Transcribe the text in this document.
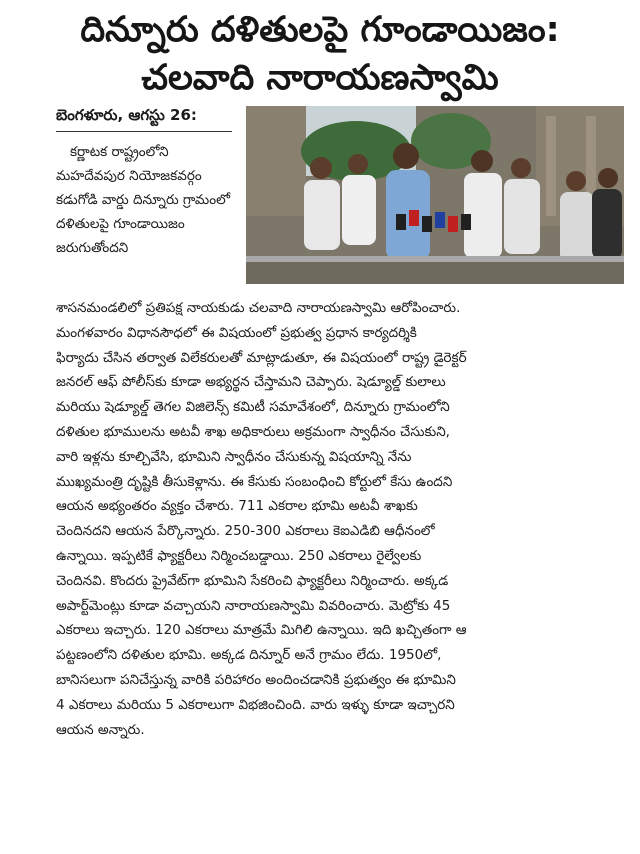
దిన్నూరు దళితులపై గూండాయిజం:
చలవాది నారాయణస్వామి

బెంగళూరు, ఆగస్టు 26:

కర్ణాటక రాష్ట్రంలోని మహదేవపుర నియోజకవర్గం కడుగోడి వార్డు దిన్నూరు గ్రామంలో దళితులపై గూండాయిజం జరుగుతోందని

శాసనమండలిలో ప్రతిపక్ష నాయకుడు చలవాది నారాయణస్వామి ఆరోపించారు.
మంగళవారం విధానసౌధలో ఈ విషయంలో ప్రభుత్వ ప్రధాన కార్యదర్శికి
ఫిర్యాదు చేసిన తర్వాత విలేకరులతో మాట్లాడుతూ, ఈ విషయంలో రాష్ట్ర డైరెక్టర్
జనరల్ ఆఫ్ పోలీస్‌కు కూడా అభ్యర్థన చేస్తామని చెప్పారు. షెడ్యూల్డ్ కులాలు
మరియు షెడ్యూల్డ్ తెగల విజిలెన్స్ కమిటీ సమావేశంలో, దిన్నూరు గ్రామంలోని
దళితుల భూములను అటవీ శాఖ అధికారులు అక్రమంగా స్వాధీనం చేసుకుని,
వారి ఇళ్లను కూల్చివేసి, భూమిని స్వాధీనం చేసుకున్న విషయాన్ని నేను
ముఖ్యమంత్రి దృష్టికి తీసుకెళ్లాను. ఈ కేసుకు సంబంధించి కోర్టులో కేసు ఉందని
ఆయన అభ్యంతరం వ్యక్తం చేశారు. 711 ఎకరాల భూమి అటవీ శాఖకు
చెందినదని ఆయన పేర్కొన్నారు. 250-300 ఎకరాలు కెఐఎడిబి ఆధీనంలో
ఉన్నాయి. ఇప్పటికే ఫ్యాక్టరీలు నిర్మించబడ్డాయి. 250 ఎకరాలు రైల్వేలకు
చెందినవి. కొందరు ప్రైవేట్‌గా భూమిని సేకరించి ఫ్యాక్టరీలు నిర్మించారు. అక్కడ
అపార్ట్‌మెంట్లు కూడా వచ్చాయని నారాయణస్వామి వివరించారు. మెట్రోకు 45
ఎకరాలు ఇచ్చారు. 120 ఎకరాలు మాత్రమే మిగిలి ఉన్నాయి. ఇది ఖచ్చితంగా ఆ
పట్టణంలోని దళితుల భూమి. అక్కడ దిన్నూర్ అనే గ్రామం లేదు. 1950లో,
బానిసలుగా పనిచేస్తున్న వారికి పరిహారం అందించడానికి ప్రభుత్వం ఈ భూమిని
4 ఎకరాలు మరియు 5 ఎకరాలుగా విభజించింది. వారు ఇళ్ళు కూడా ఇచ్చారని
ఆయన అన్నారు.
